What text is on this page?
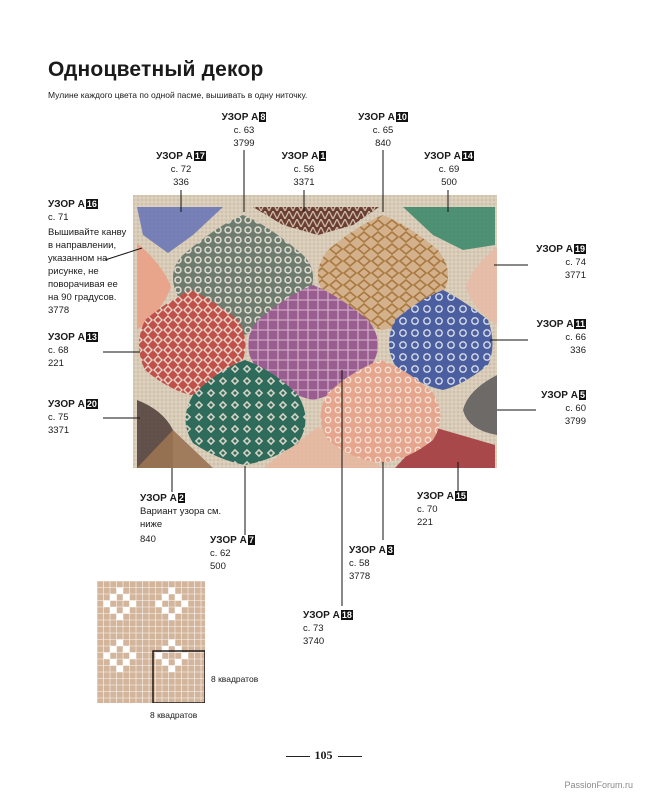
Одноцветный декор
Мулине каждого цвета по одной пасме, вышивать в одну ниточку.
УЗОР А 8
с. 63
3799
УЗОР А 10
с. 65
840
УЗОР А 17
с. 72
336
УЗОР А 1
с. 56
3371
УЗОР А 14
с. 69
500
УЗОР А 16
с. 71
Вышивайте канву в направлении, указанном на рисунке, не поворачивая ее на 90 градусов.
3778
УЗОР А 19
с. 74
3771
УЗОР А 13
с. 68
221
УЗОР А 11
с. 66
336
УЗОР А 20
с. 75
3371
УЗОР А 5
с. 60
3799
УЗОР А 2
Вариант узора см. ниже
840
УЗОР А 15
с. 70
221
УЗОР А 7
с. 62
500
УЗОР А 3
с. 58
3778
УЗОР А 18
с. 73
3740
8 квадратов
8 квадратов
105
PassionForum.ru
